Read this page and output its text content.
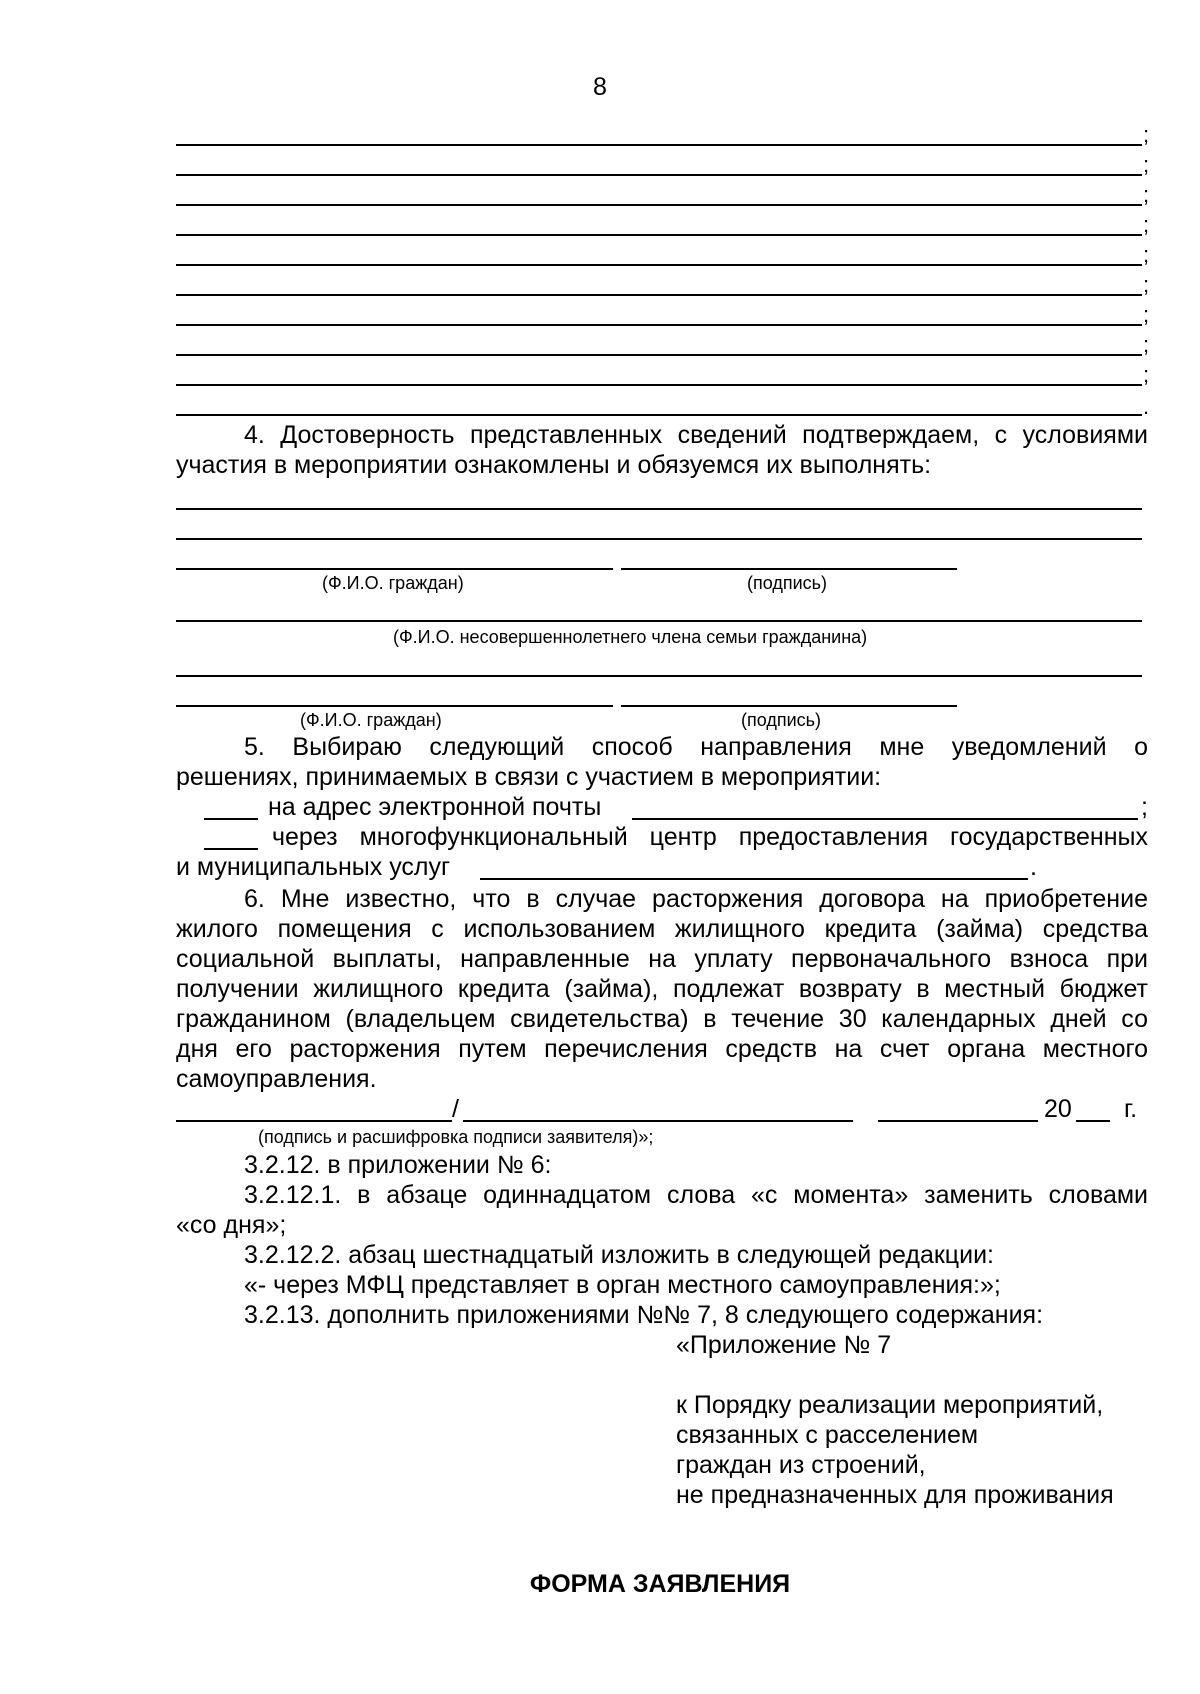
8
;
;
;
;
;
;
;
;
;
.
4. Достоверность представленных сведений подтверждаем, с условиями
участия в мероприятии ознакомлены и обязуемся их выполнять:
(Ф.И.О. граждан)	(подпись)
(Ф.И.О. несовершеннолетнего члена семьи гражданина)
(Ф.И.О. граждан)	(подпись)
5. Выбираю следующий способ направления мне уведомлений о
решениях, принимаемых в связи с участием в мероприятии:
на адрес электронной почты	;
через многофункциональный центр предоставления государственных
и муниципальных услуг	.
6. Мне известно, что в случае расторжения договора на приобретение
жилого помещения с использованием жилищного кредита (займа) средства
социальной выплаты, направленные на уплату первоначального взноса при
получении жилищного кредита (займа), подлежат возврату в местный бюджет
гражданином (владельцем свидетельства) в течение 30 календарных дней со
дня его расторжения путем перечисления средств на счет органа местного
самоуправления.
/	20 г.
(подпись и расшифровка подписи заявителя)»;
3.2.12. в приложении № 6:
3.2.12.1. в абзаце одиннадцатом слова «с момента» заменить словами
«со дня»;
3.2.12.2. абзац шестнадцатый изложить в следующей редакции:
«- через МФЦ представляет в орган местного самоуправления:»;
3.2.13. дополнить приложениями №№ 7, 8 следующего содержания:
«Приложение № 7
к Порядку реализации мероприятий,
связанных с расселением
граждан из строений,
не предназначенных для проживания
ФОРМА ЗАЯВЛЕНИЯ
